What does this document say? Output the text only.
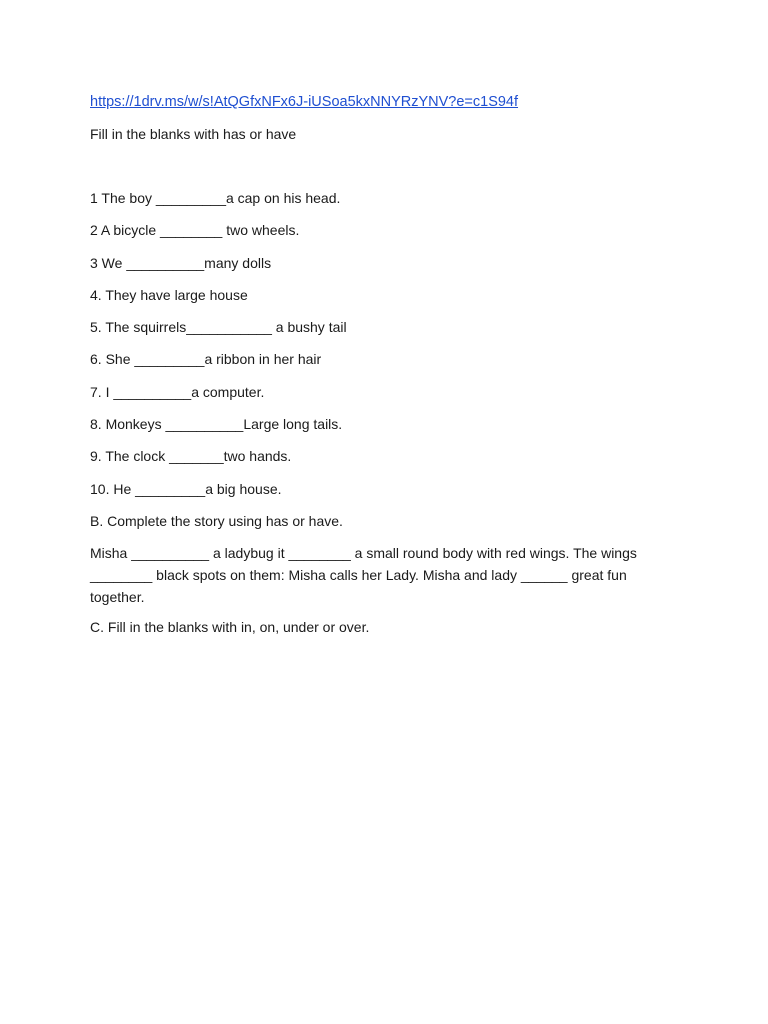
https://1drv.ms/w/s!AtQGfxNFx6J-iUSoa5kxNNYRzYNV?e=c1S94f

Fill in the blanks with has or have

1 The boy _________a cap on his head.

2 A bicycle ________ two wheels.

3 We __________many dolls

4. They have large house

5. The squirrels___________ a bushy tail

6. She _________a ribbon in her hair

7. I __________a computer.

8. Monkeys __________Large long tails.

9. The clock _______two hands.

10. He _________a big house.

B. Complete the story using has or have.

Misha __________ a ladybug it ________ a small round body with red wings. The wings ________ black spots on them: Misha calls her Lady. Misha and lady ______ great fun together.

C. Fill in the blanks with in, on, under or over.
